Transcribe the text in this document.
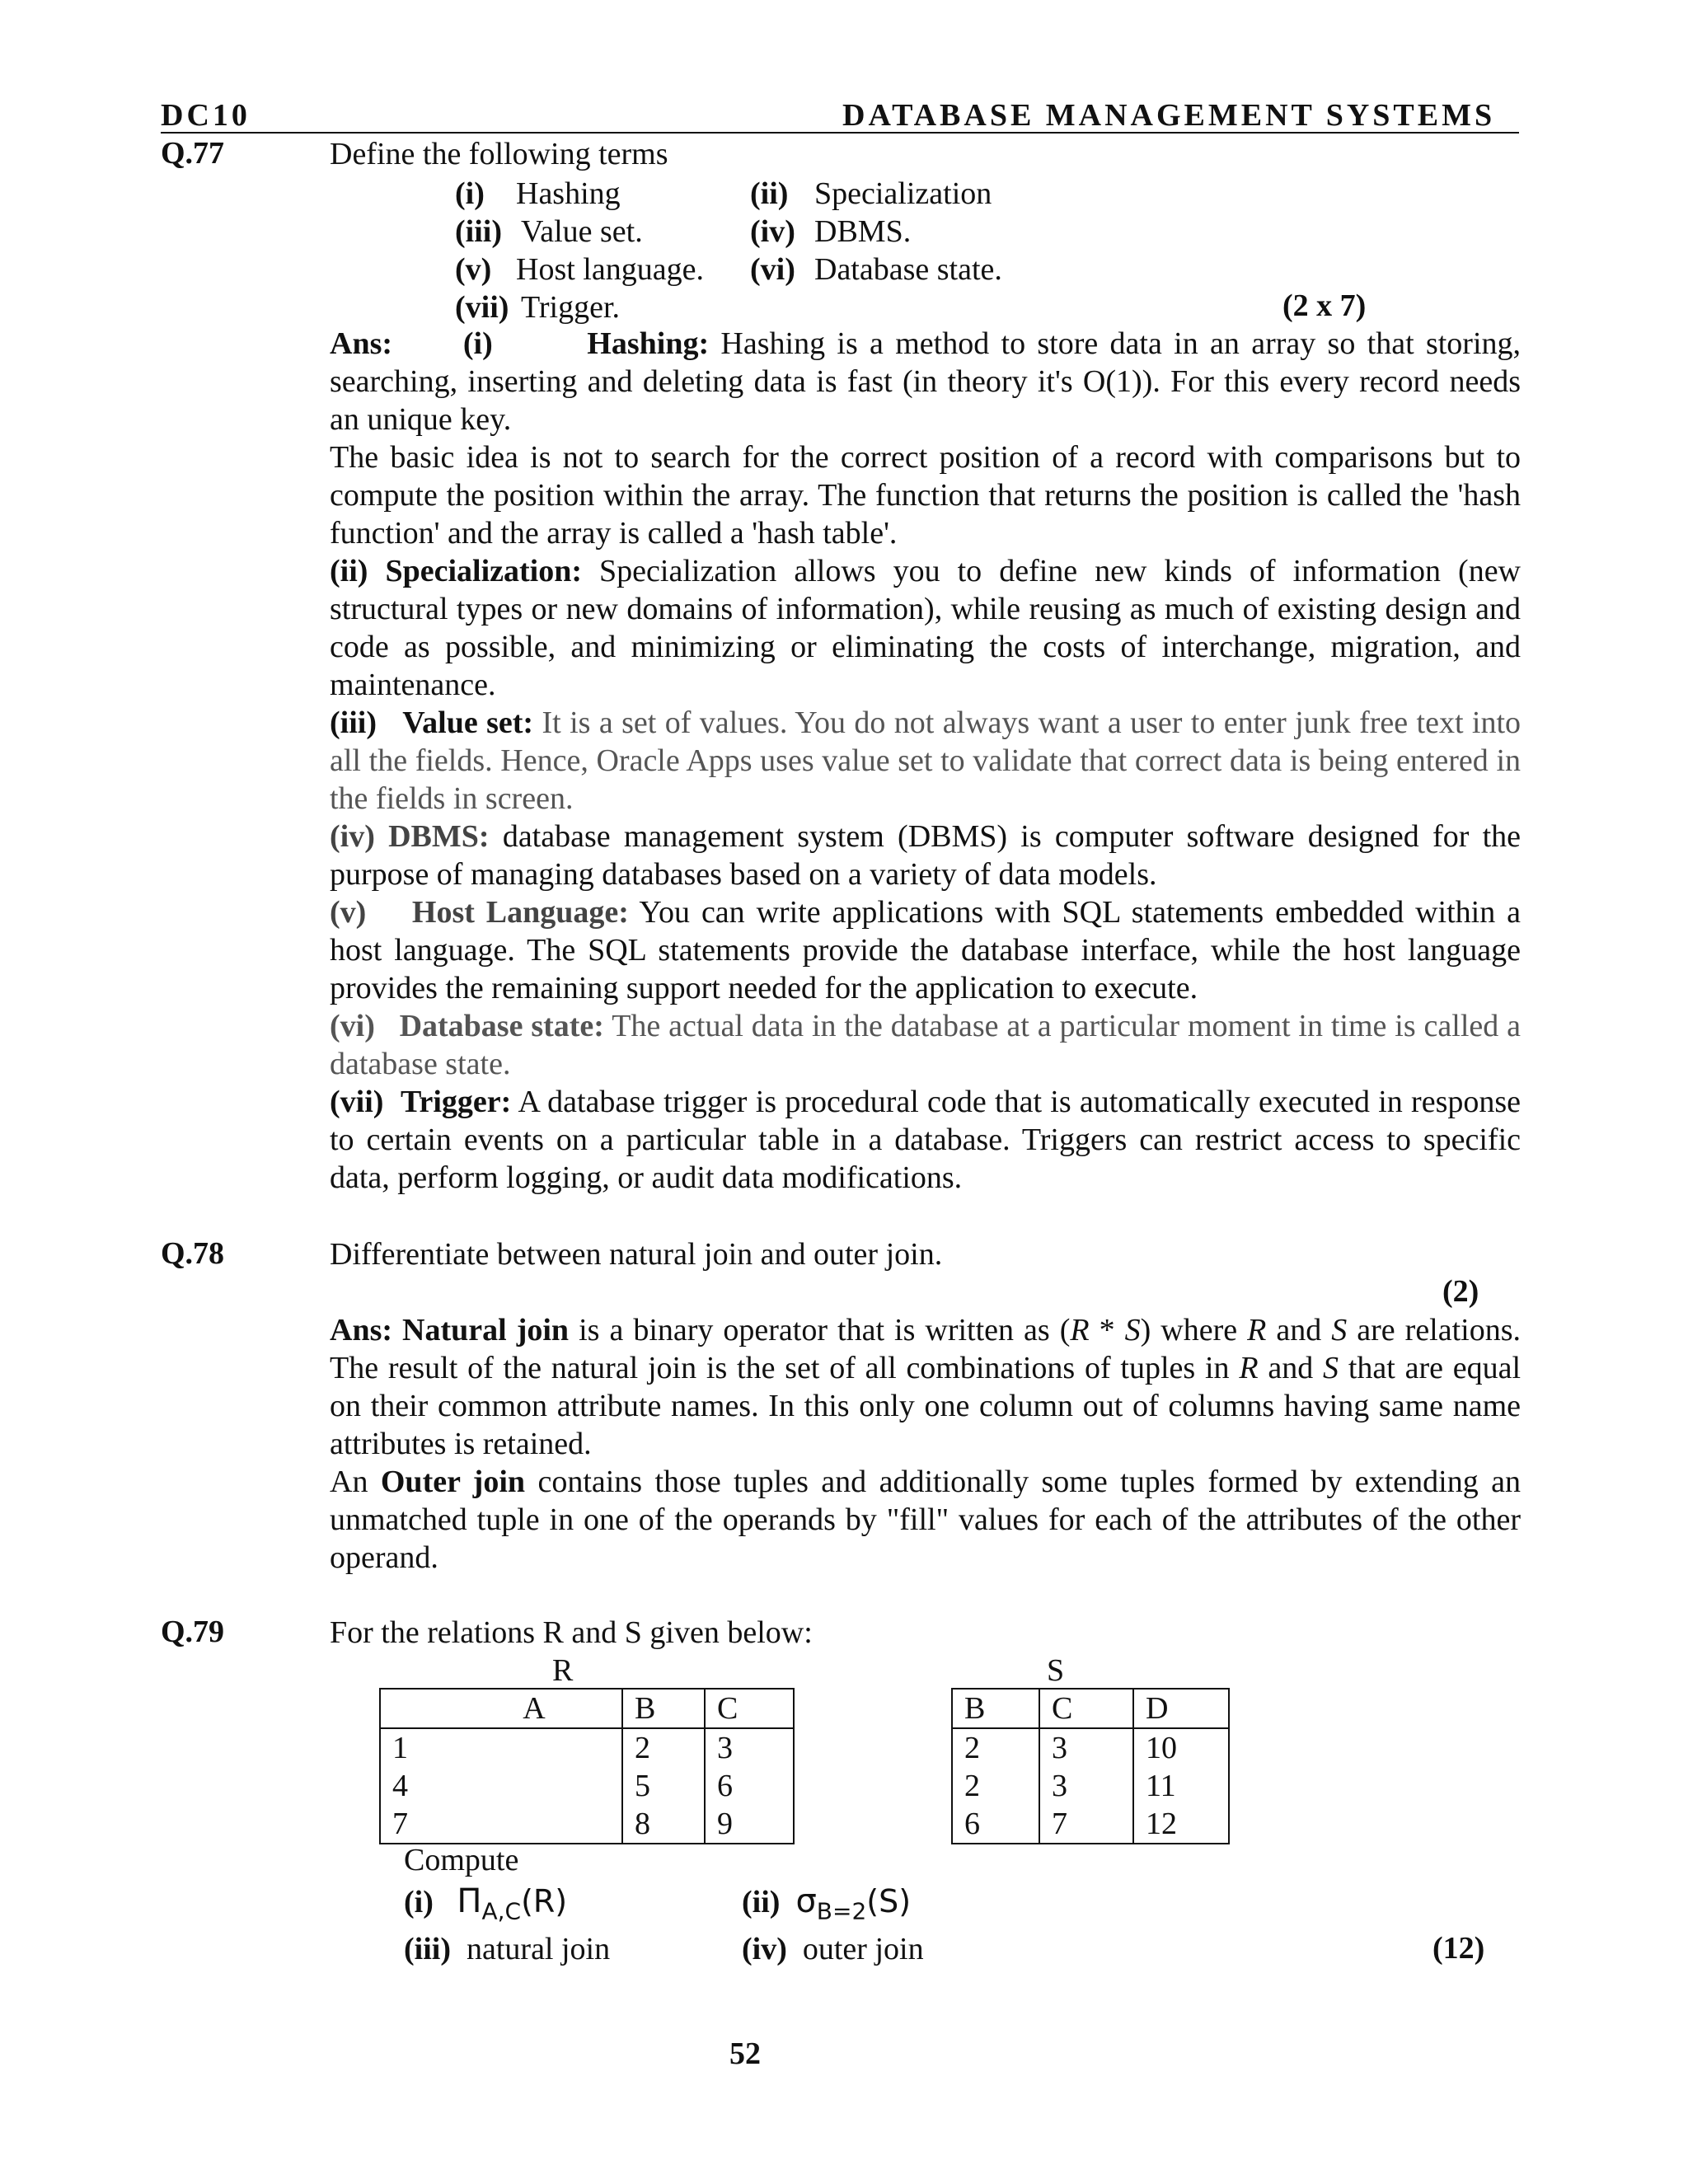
DC10	DATABASE MANAGEMENT SYSTEMS
Q.77	Define the following terms
(i) Hashing	(ii) Specialization
(iii) Value set.	(iv) DBMS.
(v) Host language. (vi) Database state.
(vii) Trigger.	(2 x 7)

Ans: (i)	Hashing: Hashing is a method to store data in an array so that storing, searching, inserting and deleting data is fast (in theory it's O(1)). For this every record needs an unique key.

The basic idea is not to search for the correct position of a record with comparisons but to compute the position within the array. The function that returns the position is called the 'hash function' and the array is called a 'hash table'.

(ii) Specialization: Specialization allows you to define new kinds of information (new structural types or new domains of information), while reusing as much of existing design and code as possible, and minimizing or eliminating the costs of interchange, migration, and maintenance.

(iii) Value set: It is a set of values. You do not always want a user to enter junk free text into all the fields. Hence, Oracle Apps uses value set to validate that correct data is being entered in the fields in screen.

(iv) DBMS: database management system (DBMS) is computer software designed for the purpose of managing databases based on a variety of data models.

(v) Host Language: You can write applications with SQL statements embedded within a host language. The SQL statements provide the database interface, while the host language provides the remaining support needed for the application to execute.

(vi) Database state: The actual data in the database at a particular moment in time is called a database state.

(vii) Trigger: A database trigger is procedural code that is automatically executed in response to certain events on a particular table in a database. Triggers can restrict access to specific data, perform logging, or audit data modifications.

Q.78	Differentiate between natural join and outer join.
(2)

Ans: Natural join is a binary operator that is written as (R * S) where R and S are relations. The result of the natural join is the set of all combinations of tuples in R and S that are equal on their common attribute names. In this only one column out of columns having same name attributes is retained.

An Outer join contains those tuples and additionally some tuples formed by extending an unmatched tuple in one of the operands by "fill" values for each of the attributes of the other operand.

Q.79	For the relations R and S given below:
R	S
A	B	C
1	2	3
4	5	6
7	8	9
B	C	D
2	3	10
2	3	11
6	7	12
Compute
(i) $\Pi_{A,C}(R)$	(ii) $\sigma_{B=2}(S)$
(iii) natural join	(iv) outer join	(12)
52
